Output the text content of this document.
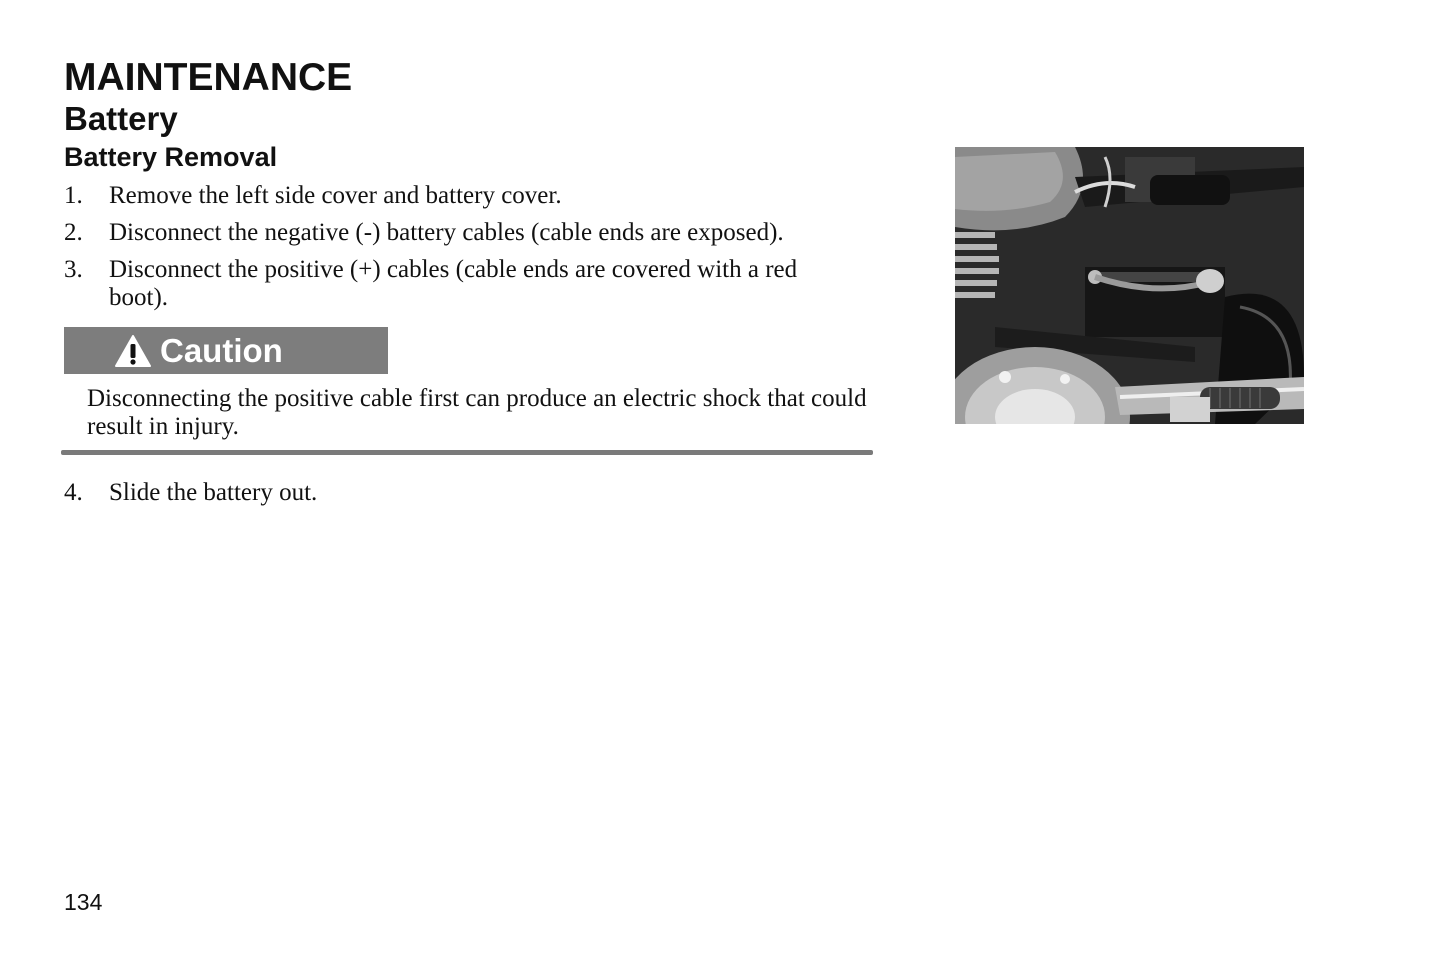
MAINTENANCE
Battery
Battery Removal
1.	Remove the left side cover and battery cover.
2.	Disconnect the negative (-) battery cables (cable ends are exposed).
3.	Disconnect the positive (+) cables (cable ends are covered with a red boot).
Caution
Disconnecting the positive cable first can produce an electric shock that could result in injury.
4.	Slide the battery out.
134
